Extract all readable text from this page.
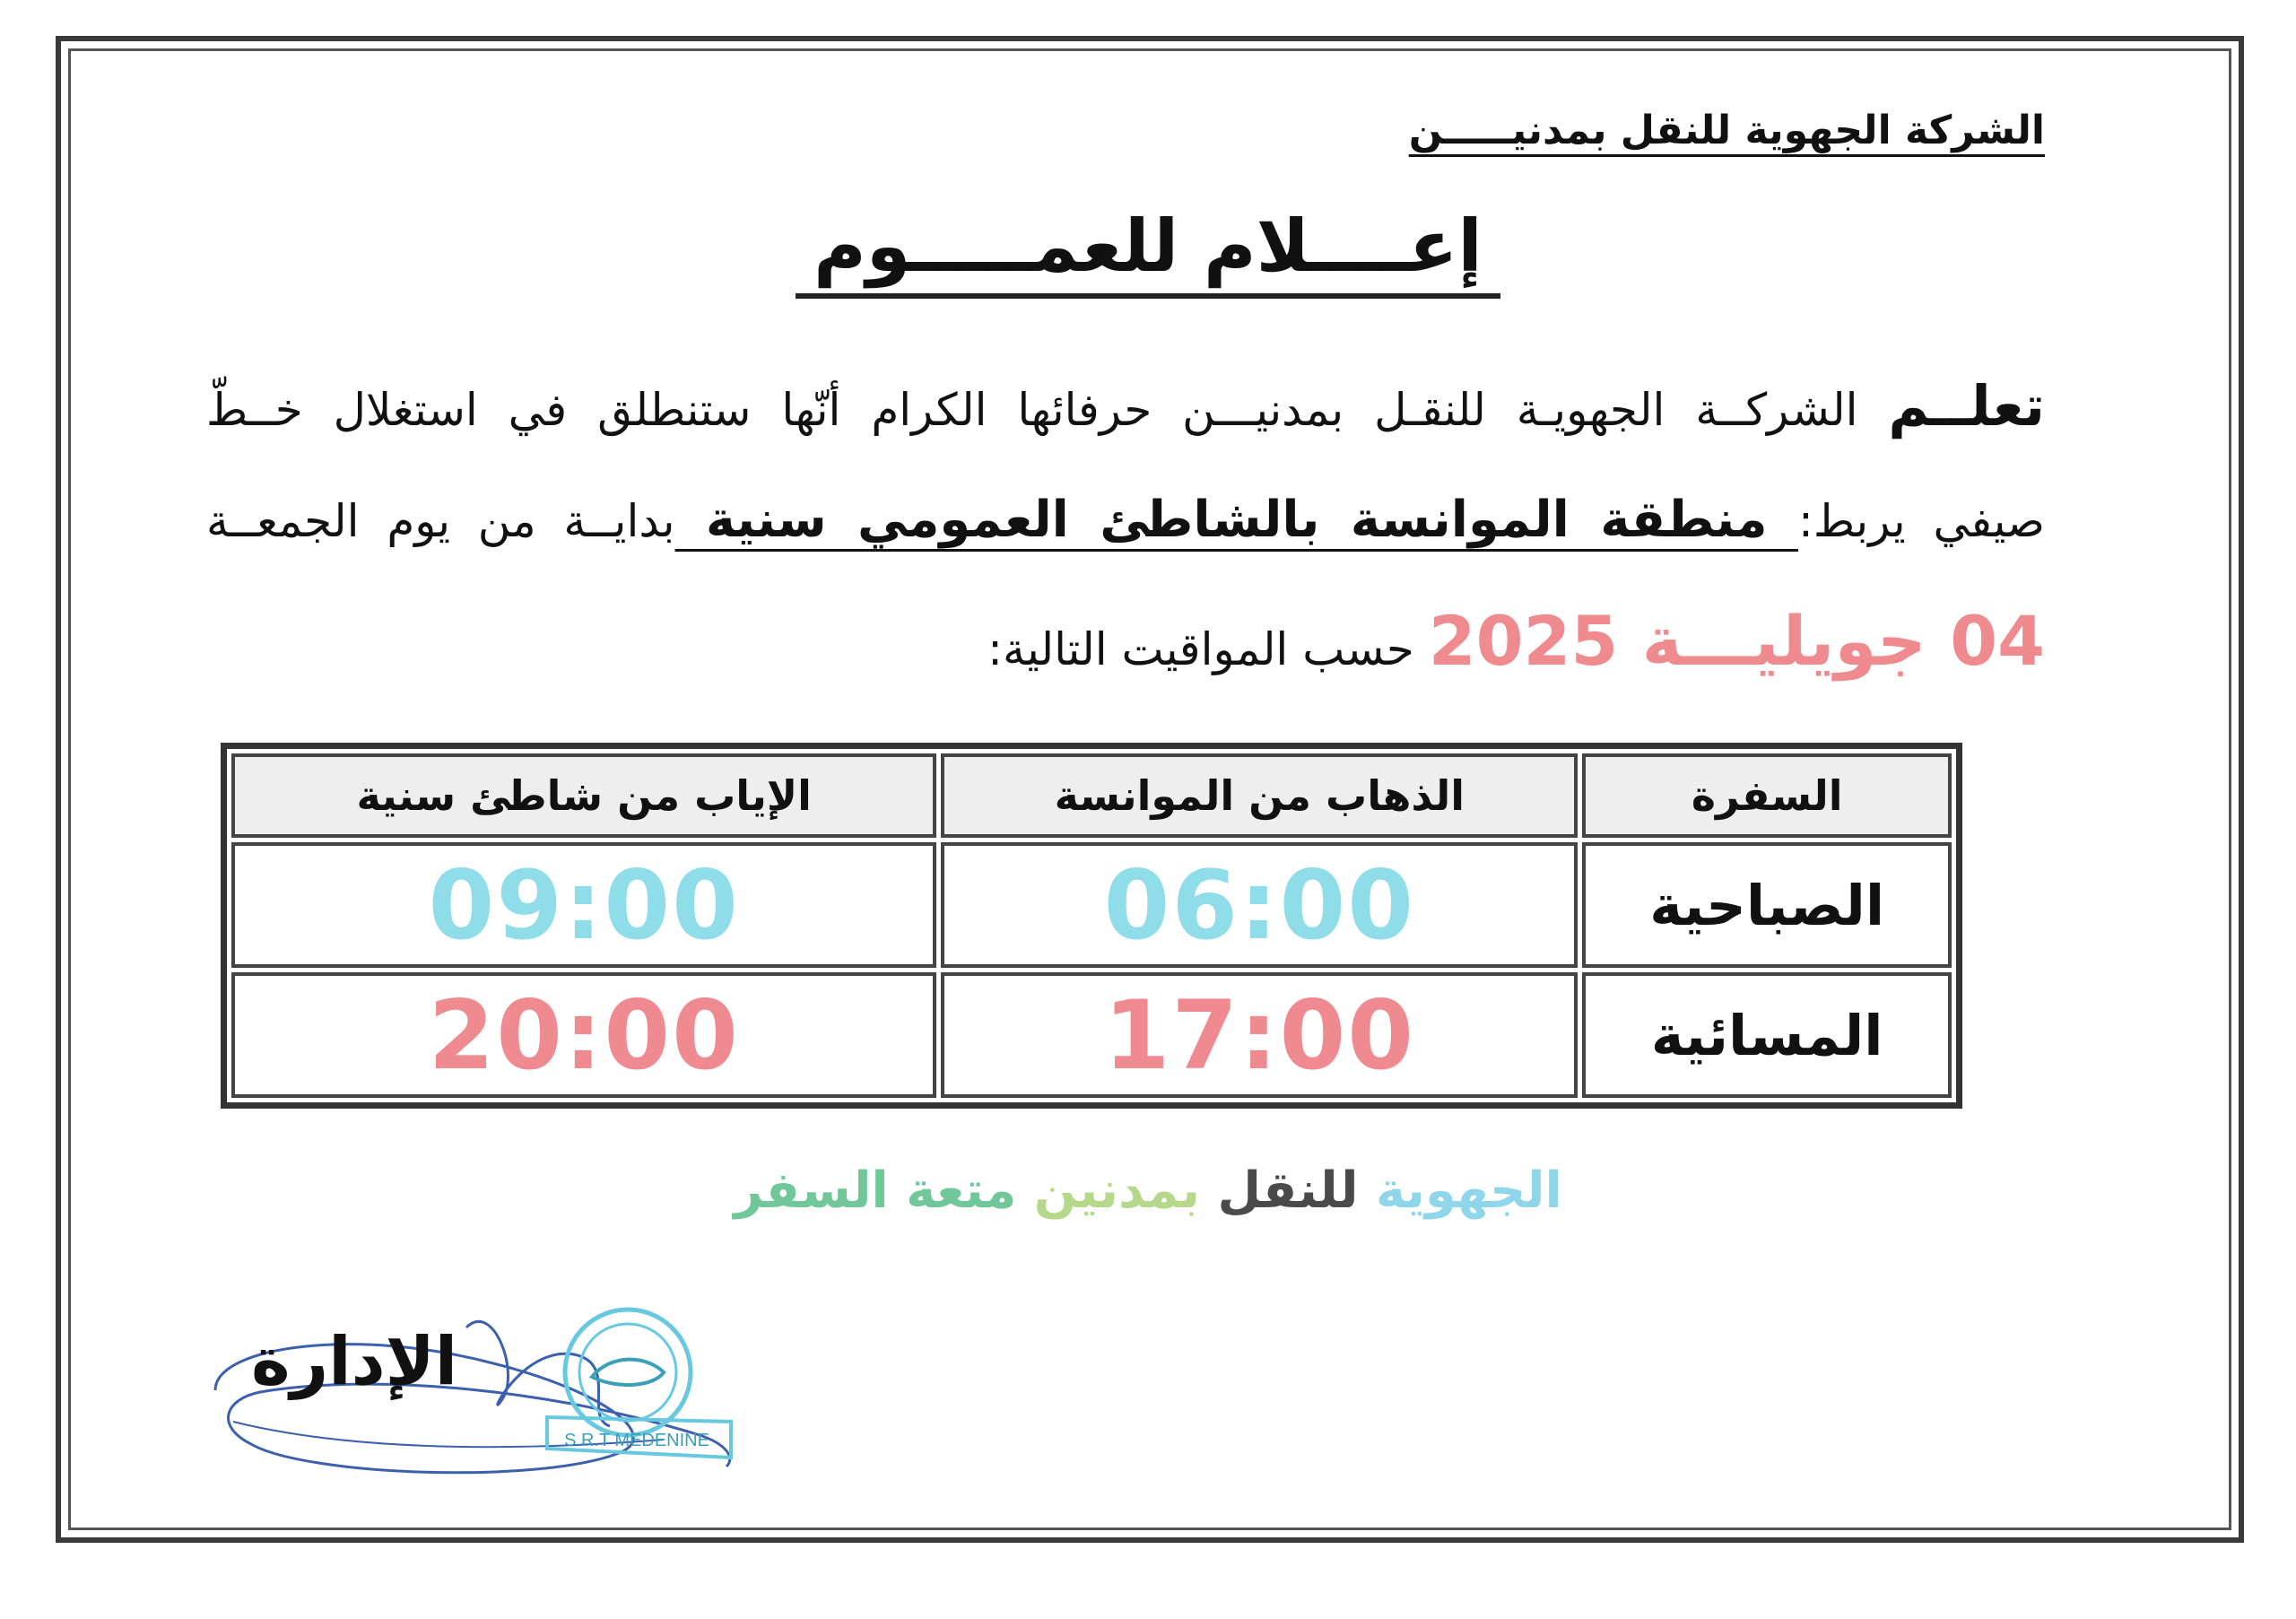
الشركة الجهوية للنقل بمدنيـــــن
إعــــلام للعمـــــوم
تعلــم الشركــة الجهويـة للنقـل بمدنيـــن حرفائها الكرام أنّها ستنطلق في استغلال خــطّ
صيفي يربط: منطقة الموانسة بالشاطئ العمومي سنية بدايــة من يوم الجمعــة
04 جويليـــة 2025 حسب المواقيت التالية:
السفرة	الذهاب من الموانسة	الإياب من شاطئ سنية
الصباحية	06:00	09:00
المسائية	17:00	20:00
الجهوية للنقل بمدنين متعة السفر
الإدارة
S.R.T MEDENINE
